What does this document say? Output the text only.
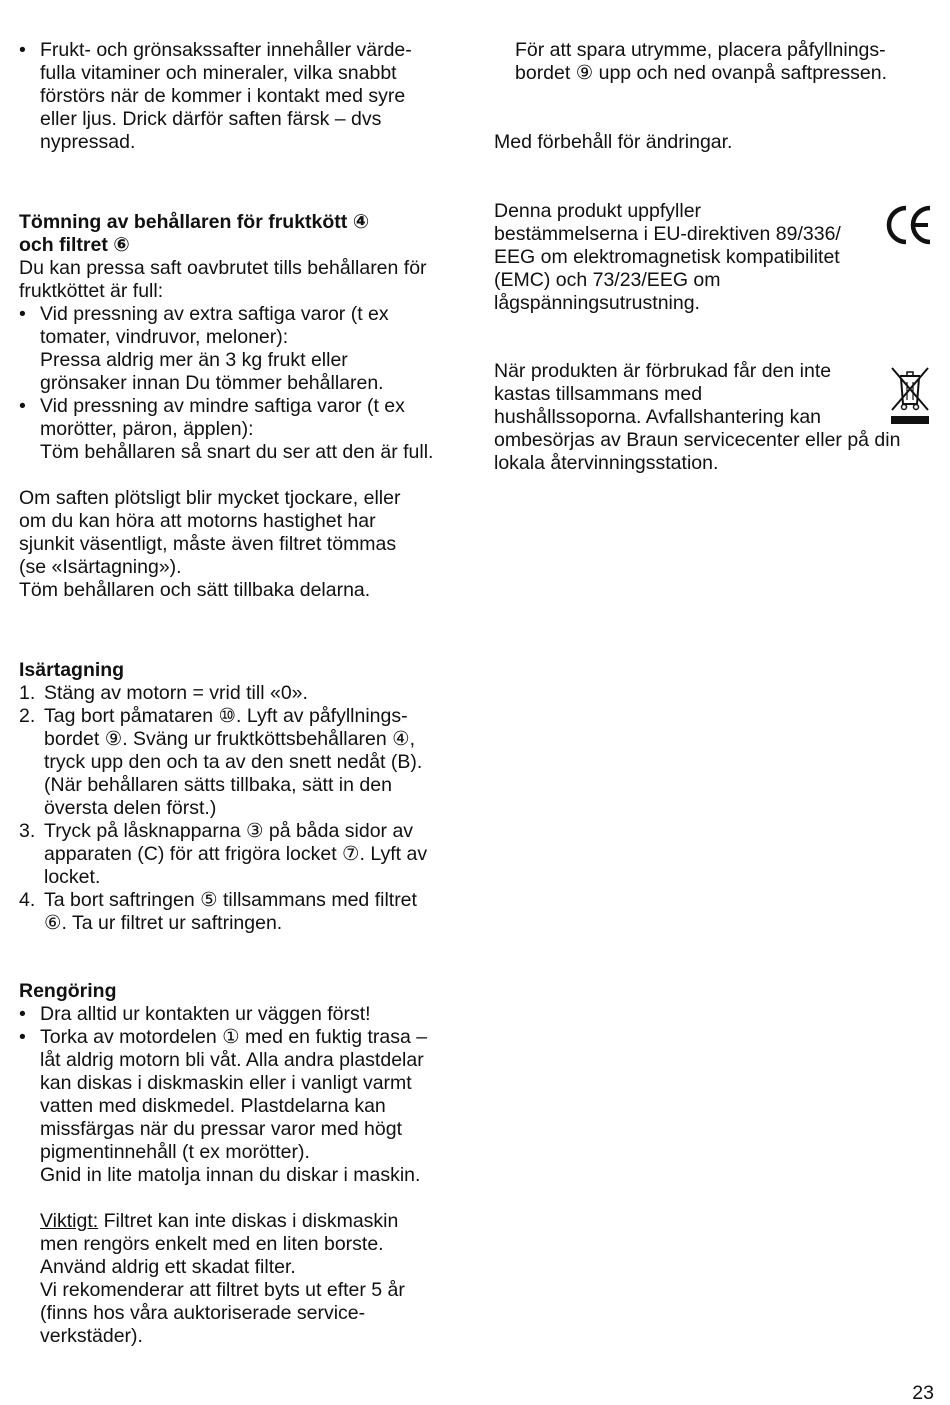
• Frukt- och grönsakssafter innehåller värde-
fulla vitaminer och mineraler, vilka snabbt
förstörs när de kommer i kontakt med syre
eller ljus. Drick därför saften färsk – dvs
nypressad.

Tömning av behållaren för fruktkött ④

och filtret ⑥

Du kan pressa saft oavbrutet tills behållaren för
fruktköttet är full:

• Vid pressning av extra saftiga varor (t ex
tomater, vindruvor, meloner):

Pressa aldrig mer än 3 kg frukt eller
grönsaker innan Du tömmer behållaren.

• Vid pressning av mindre saftiga varor (t ex
morötter, päron, äpplen):

Töm behållaren så snart du ser att den är full.

Om saften plötsligt blir mycket tjockare, eller
om du kan höra att motorns hastighet har
sjunkit väsentligt, måste även filtret tömmas
(se «Isärtagning»).
Töm behållaren och sätt tillbaka delarna.

Isärtagning

1. Stäng av motorn = vrid till «0».
2. Tag bort påmataren ⑩. Lyft av påfyllnings-
bordet ⑨. Sväng ur fruktköttsbehållaren ④,
tryck upp den och ta av den snett nedåt (B).
(När behållaren sätts tillbaka, sätt in den
översta delen först.)
3. Tryck på låsknapparna ③ på båda sidor av
apparaten (C) för att frigöra locket ⑦. Lyft av
locket.
4. Ta bort saftringen ⑤ tillsammans med filtret
⑥. Ta ur filtret ur saftringen.

Rengöring

• Dra alltid ur kontakten ur väggen först!

• Torka av motordelen ① med en fuktig trasa –
låt aldrig motorn bli våt. Alla andra plastdelar
kan diskas i diskmaskin eller i vanligt varmt
vatten med diskmedel. Plastdelarna kan
missfärgas när du pressar varor med högt
pigmentinnehåll (t ex morötter).
Gnid in lite matolja innan du diskar i maskin.

Viktigt: Filtret kan inte diskas i diskmaskin
men rengörs enkelt med en liten borste.
Använd aldrig ett skadat filter.
Vi rekomenderar att filtret byts ut efter 5 år
(finns hos våra auktoriserade service-
verkstäder).

För att spara utrymme, placera påfyllnings-
bordet ⑨ upp och ned ovanpå saftpressen.

Med förbehåll för ändringar.

Denna produkt uppfyller
bestämmelserna i EU-direktiven 89/336/
EEG om elektromagnetisk kompatibilitet
(EMC) och 73/23/EEG om
lågspänningsutrustning.

När produkten är förbrukad får den inte
kastas tillsammans med
hushållssoporna. Avfallshantering kan
ombesörjas av Braun servicecenter eller på din
lokala återvinningsstation.

23
